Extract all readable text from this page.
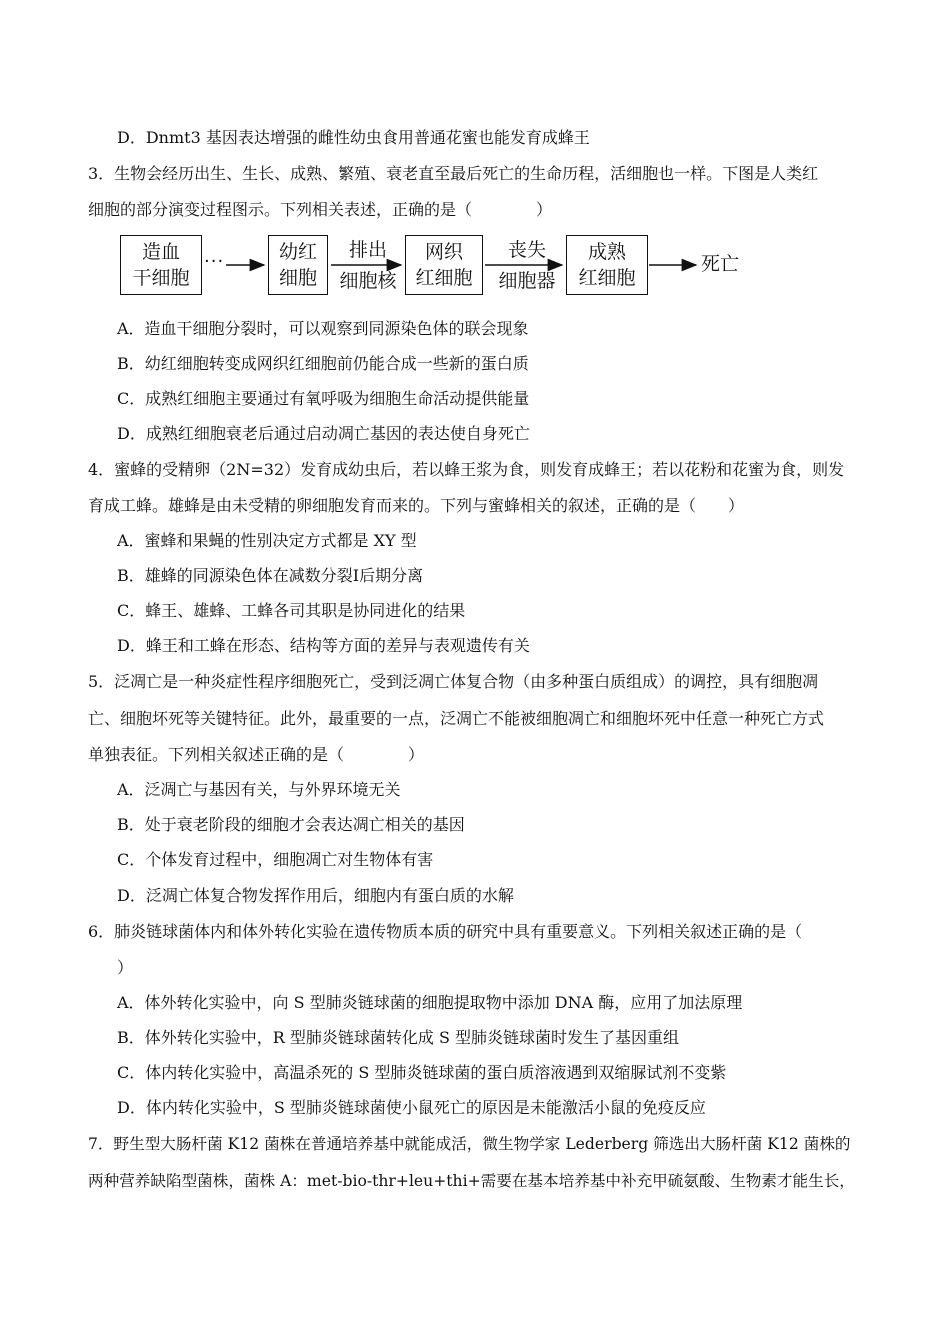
D．Dnmt3 基因表达增强的雌性幼虫食用普通花蜜也能发育成蜂王
3．生物会经历出生、生长、成熟、繁殖、衰老直至最后死亡的生命历程，活细胞也一样。下图是人类红
细胞的部分演变过程图示。下列相关表述，正确的是（　　　　）
造血
干细胞
···	幼红
细胞
排出
细胞核
网织
红细胞
丧失
细胞器
成熟
红细胞
死亡
A．造血干细胞分裂时，可以观察到同源染色体的联会现象
B．幼红细胞转变成网织红细胞前仍能合成一些新的蛋白质
C．成熟红细胞主要通过有氧呼吸为细胞生命活动提供能量
D．成熟红细胞衰老后通过启动凋亡基因的表达使自身死亡
4．蜜蜂的受精卵（2N=32）发育成幼虫后，若以蜂王浆为食，则发育成蜂王；若以花粉和花蜜为食，则发
育成工蜂。雄蜂是由未受精的卵细胞发育而来的。下列与蜜蜂相关的叙述，正确的是（　　）
A．蜜蜂和果蝇的性别决定方式都是 XY 型
B．雄蜂的同源染色体在减数分裂Ⅰ后期分离
C．蜂王、雄蜂、工蜂各司其职是协同进化的结果
D．蜂王和工蜂在形态、结构等方面的差异与表观遗传有关
5．泛凋亡是一种炎症性程序细胞死亡，受到泛凋亡体复合物（由多种蛋白质组成）的调控，具有细胞凋
亡、细胞坏死等关键特征。此外，最重要的一点，泛凋亡不能被细胞凋亡和细胞坏死中任意一种死亡方式
单独表征。下列相关叙述正确的是（　　　　）
A．泛凋亡与基因有关，与外界环境无关
B．处于衰老阶段的细胞才会表达凋亡相关的基因
C．个体发育过程中，细胞凋亡对生物体有害
D．泛凋亡体复合物发挥作用后，细胞内有蛋白质的水解
6．肺炎链球菌体内和体外转化实验在遗传物质本质的研究中具有重要意义。下列相关叙述正确的是（
）
A．体外转化实验中，向 S 型肺炎链球菌的细胞提取物中添加 DNA 酶，应用了加法原理
B．体外转化实验中，R 型肺炎链球菌转化成 S 型肺炎链球菌时发生了基因重组
C．体内转化实验中，高温杀死的 S 型肺炎链球菌的蛋白质溶液遇到双缩脲试剂不变紫
D．体内转化实验中，S 型肺炎链球菌使小鼠死亡的原因是未能激活小鼠的免疫反应
7．野生型大肠杆菌 K12 菌株在普通培养基中就能成活，微生物学家 Lederberg 筛选出大肠杆菌 K12 菌株的
两种营养缺陷型菌株，菌株 A：met-bio-thr+leu+thi+需要在基本培养基中补充甲硫氨酸、生物素才能生长，
